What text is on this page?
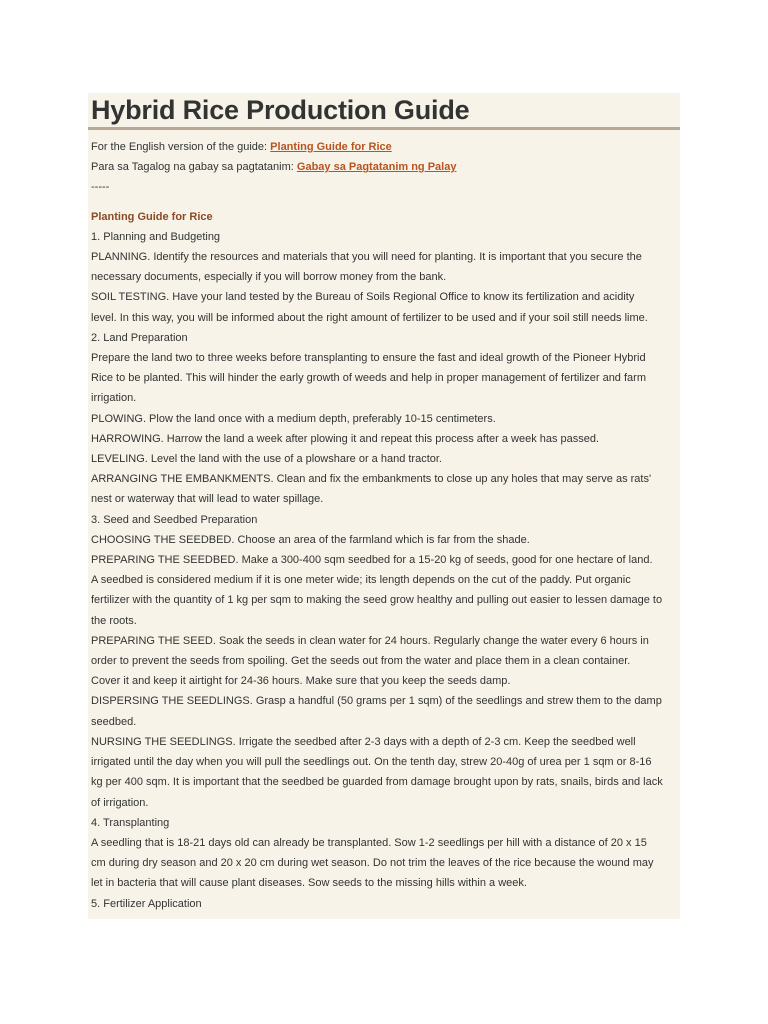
Hybrid Rice Production Guide

For the English version of the guide: Planting Guide for Rice

Para sa Tagalog na gabay sa pagtatanim: Gabay sa Pagtatanim ng Palay

-----

Planting Guide for Rice

1. Planning and Budgeting

PLANNING. Identify the resources and materials that you will need for planting. It is important that you secure the

necessary documents, especially if you will borrow money from the bank.

SOIL TESTING. Have your land tested by the Bureau of Soils Regional Office to know its fertilization and acidity

level. In this way, you will be informed about the right amount of fertilizer to be used and if your soil still needs lime.

2. Land Preparation

Prepare the land two to three weeks before transplanting to ensure the fast and ideal growth of the Pioneer Hybrid

Rice to be planted. This will hinder the early growth of weeds and help in proper management of fertilizer and farm

irrigation.

PLOWING. Plow the land once with a medium depth, preferably 10-15 centimeters.

HARROWING. Harrow the land a week after plowing it and repeat this process after a week has passed.

LEVELING. Level the land with the use of a plowshare or a hand tractor.

ARRANGING THE EMBANKMENTS. Clean and fix the embankments to close up any holes that may serve as rats'

nest or waterway that will lead to water spillage.

3. Seed and Seedbed Preparation

CHOOSING THE SEEDBED. Choose an area of the farmland which is far from the shade.

PREPARING THE SEEDBED. Make a 300-400 sqm seedbed for a 15-20 kg of seeds, good for one hectare of land.

A seedbed is considered medium if it is one meter wide; its length depends on the cut of the paddy. Put organic

fertilizer with the quantity of 1 kg per sqm to making the seed grow healthy and pulling out easier to lessen damage to

the roots.

PREPARING THE SEED. Soak the seeds in clean water for 24 hours. Regularly change the water every 6 hours in

order to prevent the seeds from spoiling. Get the seeds out from the water and place them in a clean container.

Cover it and keep it airtight for 24-36 hours. Make sure that you keep the seeds damp.

DISPERSING THE SEEDLINGS. Grasp a handful (50 grams per 1 sqm) of the seedlings and strew them to the damp

seedbed.

NURSING THE SEEDLINGS. Irrigate the seedbed after 2-3 days with a depth of 2-3 cm. Keep the seedbed well

irrigated until the day when you will pull the seedlings out. On the tenth day, strew 20-40g of urea per 1 sqm or 8-16

kg per 400 sqm. It is important that the seedbed be guarded from damage brought upon by rats, snails, birds and lack

of irrigation.

4. Transplanting

A seedling that is 18-21 days old can already be transplanted. Sow 1-2 seedlings per hill with a distance of 20 x 15

cm during dry season and 20 x 20 cm during wet season. Do not trim the leaves of the rice because the wound may

let in bacteria that will cause plant diseases. Sow seeds to the missing hills within a week.

5. Fertilizer Application
